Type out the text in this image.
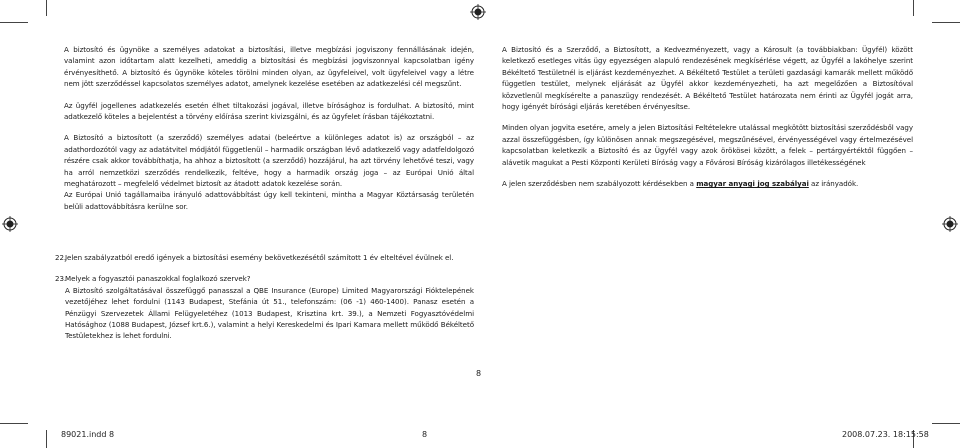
A biztosító és ügynöke a személyes adatokat a biztosítási, illetve megbízási jogviszony fennállásának idején, valamint azon időtartam alatt kezelheti, ameddig a biztosítási és megbízási jogviszonnyal kapcsolatban igény érvényesíthető. A biztosító és ügynöke köteles törölni minden olyan, az ügyfeleivel, volt ügyfeleivel vagy a létre nem jött szerződéssel kapcsolatos személyes adatot, amelynek kezelése esetében az adatkezelési cél megszűnt.

Az ügyfél jogellenes adatkezelés esetén élhet tiltakozási jogával, illetve bírósághoz is fordulhat. A biztosító, mint adatkezelő köteles a bejelentést a törvény előírása szerint kivizsgálni, és az ügyfelet írásban tájékoztatni.

A Biztosító a biztosított (a szerződő) személyes adatai (beleértve a különleges adatot is) az országból – az adathordozótól vagy az adatátvitel módjától függetlenül – harmadik országban lévő adatkezelő vagy adatfeldolgozó részére csak akkor továbbíthatja, ha ahhoz a biztosított (a szerződő) hozzájárul, ha azt törvény lehetővé teszi, vagy ha arról nemzetközi szerződés rendelkezik, feltéve, hogy a harmadik ország joga – az Európai Unió által meghatározott – megfelelő védelmet biztosít az átadott adatok kezelése során.

Az Európai Unió tagállamaiba irányuló adattovábbítást úgy kell tekinteni, mintha a Magyar Köztársaság területén belüli adattovábbításra kerülne sor.

22.

Jelen szabályzatból eredő igények a biztosítási esemény bekövetkezésétől számított 1 év elteltével évülnek el.

23.

Melyek a fogyasztói panaszokkal foglalkozó szervek?

A Biztosító szolgáltatásával összefüggő panasszal a QBE Insurance (Europe) Limited Magyarországi Fióktelepének vezetőjéhez lehet fordulni (1143 Budapest, Stefánia út 51., telefonszám: (06 -1) 460-1400). Panasz esetén a Pénzügyi Szervezetek Állami Felügyeletéhez (1013 Budapest, Krisztina krt. 39.), a Nemzeti Fogyasztóvédelmi Hatósághoz (1088 Budapest, József krt.6.), valamint a helyi Kereskedelmi és Ipari Kamara mellett működő Békéltető Testületekhez is lehet fordulni.

A Biztosító és a Szerződő, a Biztosított, a Kedvezményezett, vagy a Károsult (a továbbiakban: Ügyfél) között keletkező esetleges vitás ügy egyezségen alapuló rendezésének megkísérlése végett, az Ügyfél a lakóhelye szerint Békéltető Testületnél is eljárást kezdeményezhet. A Békéltető Testület a területi gazdasági kamarák mellett működő független testület, melynek eljárását az Ügyfél akkor kezdeményezheti, ha azt megelőzően a Biztosítóval közvetlenül megkísérelte a panaszügy rendezését. A Békéltető Testület határozata nem érinti az Ügyfél jogát arra, hogy igényét bírósági eljárás keretében érvényesítse.

Minden olyan jogvita esetére, amely a jelen Biztosítási Feltételekre utalással megkötött biztosítási szerződésből vagy azzal összefüggésben, így különösen annak megszegésével, megszűnésével, érvényességével vagy értelmezésével kapcsolatban keletkezik a Biztosító és az Ügyfél vagy azok örökösei között, a felek – pertárgyértéktől függően – alávetik magukat a Pesti Központi Kerületi Bíróság vagy a Fővárosi Bíróság kizárólagos illetékességének

A jelen szerződésben nem szabályozott kérdésekben a magyar anyagi jog szabályai az irányadók.

8
89021.indd 8	8	2008.07.23. 18:15:58
